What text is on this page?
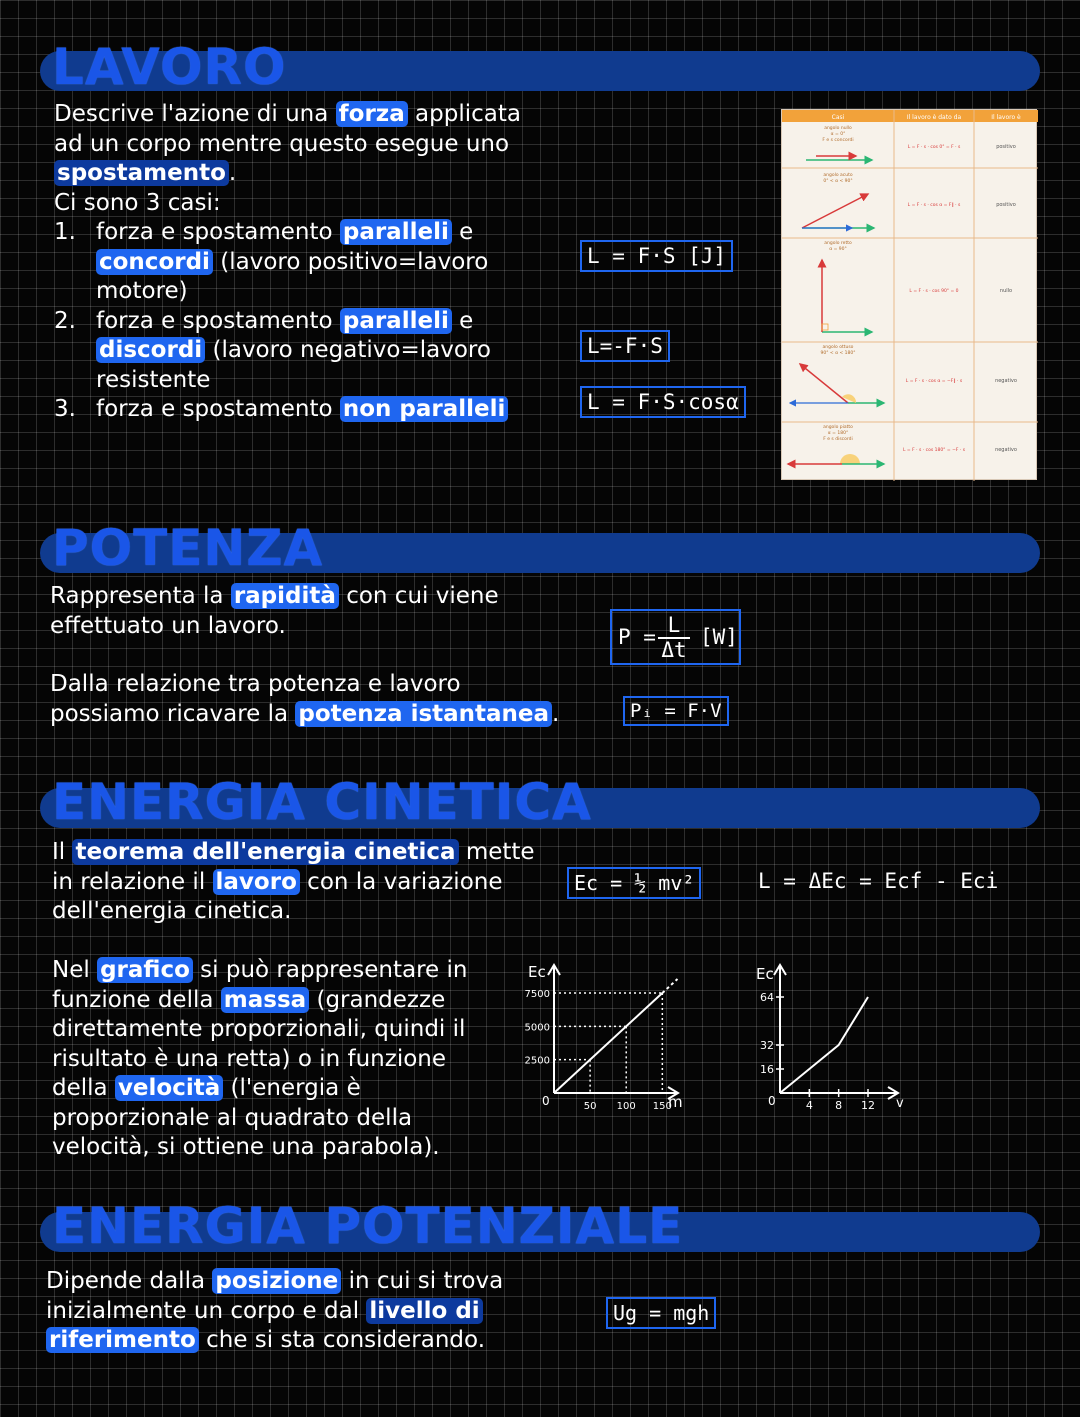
LAVORO
Descrive l'azione di una forza applicata
ad un corpo mentre questo esegue uno
spostamento .
Ci sono 3 casi:
1. forza e spostamento paralleli e
concordi (lavoro positivo=lavoro
motore)
2. forza e spostamento paralleli e
discordi (lavoro negativo=lavoro
resistente
3. forza e spostamento non paralleli
L = F·S [J]
L=-F·S
L = F·S·cosα
Casi	Il lavoro è dato da	Il lavoro è
angolo nullo
α = 0°
F e s concordi
L = F · s · cos 0° = F · s	positivo
angolo acuto
0° < α < 90°
L = F · s · cos α = F∥ · s	positivo
angolo retto
α = 90°
L = F · s · cos 90° = 0	nullo
angolo ottuso
90° < α < 180°
L = F · s · cos α = −F∥ · s	negativo
angolo piatto
α = 180°
F e s discordi
L = F · s · cos 180° = −F · s	negativo
POTENZA
Rappresenta la rapidità con cui viene
effettuato un lavoro.
Dalla relazione tra potenza e lavoro
possiamo ricavare la potenza istantanea .
P = L
Δt
[W]
Pᵢ = F·V
ENERGIA CINETICA
Il teorema dell'energia cinetica mette
in relazione il lavoro con la variazione
dell'energia cinetica.
Nel grafico si può rappresentare in
funzione della massa (grandezze
direttamente proporzionali, quindi il
risultato è una retta) o in funzione
della velocità (l'energia è
proporzionale al quadrato della
velocità, si ottiene una parabola).
Ec = ½ mv²	L = ΔEc = Ecf - Eci
Ec
m
0
7500
5000
2500
50 100 150
Ec
v
0
64
32
16
4 8 12
ENERGIA POTENZIALE
Dipende dalla posizione in cui si trova
inizialmente un corpo e dal livello di
riferimento che si sta considerando.
Ug = mgh
